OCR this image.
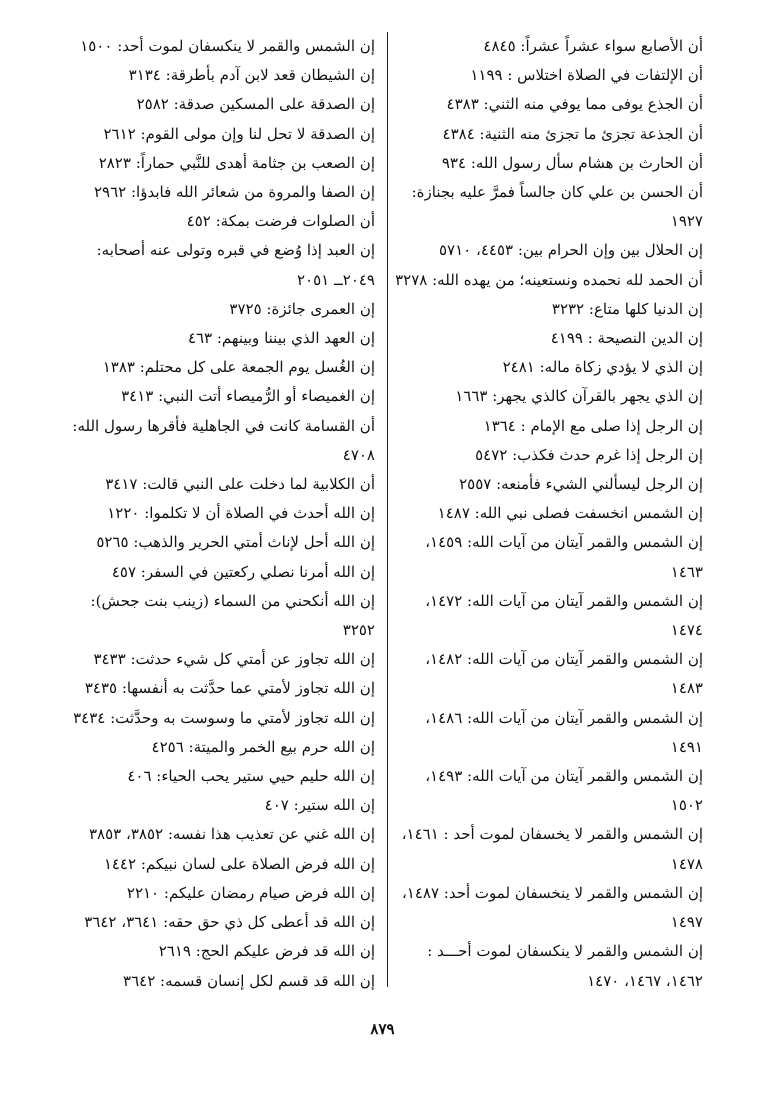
أن الأصابع سواء عشراً عشراً: ٤٨٤٥
أن الإلتفات في الصلاة اختلاس : ١١٩٩
أن الجذع يوفى مما يوفي منه الثني: ٤٣٨٣
أن الجذعة تجزئ ما تجزئ منه الثنية: ٤٣٨٤
أن الحارث بن هشام سأل رسول الله: ٩٣٤
أن الحسن بن علي كان جالساً فمرَّ عليه بجنازة:
١٩٢٧
إن الحلال بين وإن الحرام بين: ٤٤٥٣، ٥٧١٠
أن الحمد لله نحمده ونستعينه؛ من يهده الله: ٣٢٧٨
إن الدنيا كلها متاع: ٣٢٣٢
إن الدين النصيحة : ٤١٩٩
إن الذي لا يؤدي زكاة ماله: ٢٤٨١
إن الذي يجهر بالقرآن كالذي يجهر: ١٦٦٣
إن الرجل إذا صلى مع الإمام : ١٣٦٤
إن الرجل إذا غرم حدث فكذب: ٥٤٧٢
إن الرجل ليسألني الشيء فأمنعه: ٢٥٥٧
إن الشمس انخسفت فصلى نبي الله: ١٤٨٧
إن الشمس والقمر آيتان من آيات الله: ١٤٥٩،
١٤٦٣
إن الشمس والقمر آيتان من آيات الله: ١٤٧٢،
١٤٧٤
إن الشمس والقمر آيتان من آيات الله: ١٤٨٢،
١٤٨٣
إن الشمس والقمر آيتان من آيات الله: ١٤٨٦،
١٤٩١
إن الشمس والقمر آيتان من آيات الله: ١٤٩٣،
١٥٠٢
إن الشمس والقمر لا يخسفان لموت أحد : ١٤٦١،
١٤٧٨
إن الشمس والقمر لا ينخسفان لموت أحد: ١٤٨٧،
١٤٩٧
إن الشمس والقمر لا ينكسفان لموت أحـــد :
١٤٦٢، ١٤٦٧، ١٤٧٠
إن الشمس والقمر لا ينكسفان لموت أحد: ١٥٠٠
إن الشيطان قعد لابن آدم بأطرقة: ٣١٣٤
إن الصدقة على المسكين صدقة: ٢٥٨٢
إن الصدقة لا تحل لنا وإن مولى القوم: ٢٦١٢
إن الصعب بن جثامة أهدى للنَّبي حماراً: ٢٨٢٣
إن الصفا والمروة من شعائر الله فابدؤا: ٢٩٦٢
أن الصلوات فرضت بمكة: ٤٥٢
إن العبد إذا وُضع في قبره وتولى عنه أصحابه:
٢٠٤٩ــ ٢٠٥١
إن العمرى جائزة: ٣٧٢٥
إن العهد الذي بيننا وبينهم: ٤٦٣
إن الغُسل يوم الجمعة على كل محتلم: ١٣٨٣
إن الغميصاء أو الرُّميصاء أتت النبي: ٣٤١٣
أن القسامة كانت في الجاهلية فأقرها رسول الله:
٤٧٠٨
أن الكلابية لما دخلت على النبي قالت: ٣٤١٧
إن الله أحدث في الصلاة أن لا تكلموا: ١٢٢٠
إن الله أحل لإناث أمتي الحرير والذهب: ٥٢٦٥
إن الله أمرنا نصلي ركعتين في السفر: ٤٥٧
إن الله أنكحني من السماء (زينب بنت جحش):
٣٢٥٢
إن الله تجاوز عن أمتي كل شيء حدثت: ٣٤٣٣
إن الله تجاوز لأمتي عما حدَّثت به أنفسها: ٣٤٣٥
إن الله تجاوز لأمتي ما وسوست به وحدَّثت: ٣٤٣٤
إن الله حرم بيع الخمر والميتة: ٤٢٥٦
إن الله حليم حيي ستير يحب الحياء: ٤٠٦
إن الله ستير: ٤٠٧
إن الله غني عن تعذيب هذا نفسه: ٣٨٥٢، ٣٨٥٣
إن الله فرض الصلاة على لسان نبيكم: ١٤٤٢
إن الله فرض صيام رمضان عليكم: ٢٢١٠
إن الله قد أعطى كل ذي حق حقه: ٣٦٤١، ٣٦٤٢
إن الله قد فرض عليكم الحج: ٢٦١٩
إن الله قد قسم لكل إنسان قسمه: ٣٦٤٢
٨٧٩
